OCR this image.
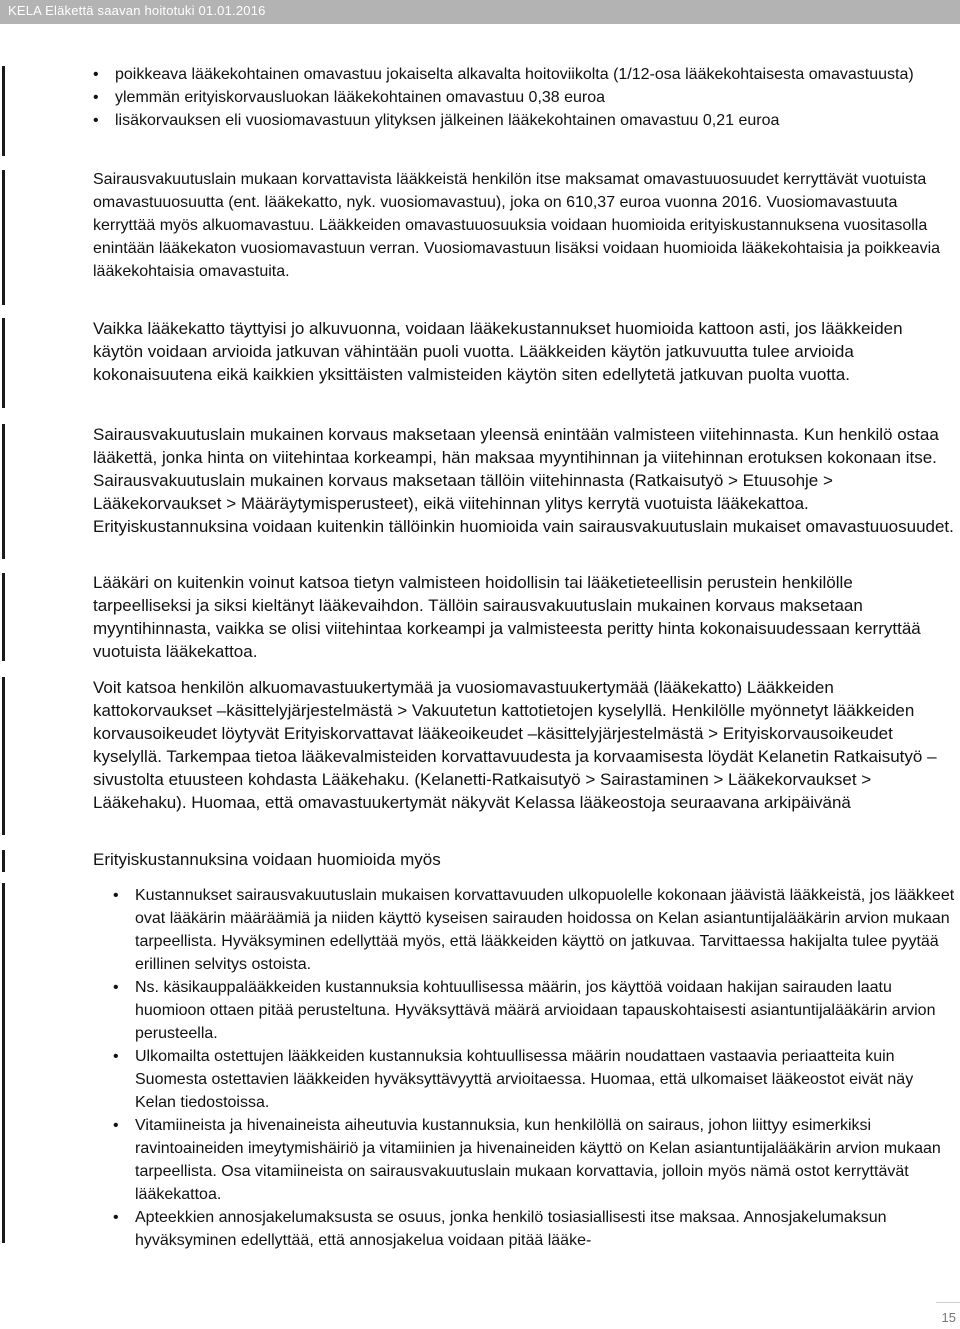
KELA Eläkettä saavan hoitotuki 01.01.2016
• poikkeava lääkekohtainen omavastuu jokaiselta alkavalta hoitoviikolta (1/12-osa lääkekohtaisesta omavastuusta)
• ylemmän erityiskorvausluokan lääkekohtainen omavastuu 0,38 euroa
• lisäkorvauksen eli vuosiomavastuun ylityksen jälkeinen lääkekohtainen omavastuu 0,21 euroa

Sairausvakuutuslain mukaan korvattavista lääkkeistä henkilön itse maksamat omavastuuosuudet kerryttävät vuotuista omavastuuosuutta (ent. lääkekatto, nyk. vuosiomavastuu), joka on 610,37 euroa vuonna 2016. Vuosiomavastuuta kerryttää myös alkuomavastuu. Lääkkeiden omavastuuosuuksia voidaan huomioida erityiskustannuksena vuositasolla enintään lääkekaton vuosiomavastuun verran. Vuosiomavastuun lisäksi voidaan huomioida lääkekohtaisia ja poikkeavia lääkekohtaisia omavastuita.

Vaikka lääkekatto täyttyisi jo alkuvuonna, voidaan lääkekustannukset huomioida kattoon asti, jos lääkkeiden käytön voidaan arvioida jatkuvan vähintään puoli vuotta. Lääkkeiden käytön jatkuvuutta tulee arvioida kokonaisuutena eikä kaikkien yksittäisten valmisteiden käytön siten edellytetä jatkuvan puolta vuotta.

Sairausvakuutuslain mukainen korvaus maksetaan yleensä enintään valmisteen viitehinnasta. Kun henkilö ostaa lääkettä, jonka hinta on viitehintaa korkeampi, hän maksaa myyntihinnan ja viitehinnan erotuksen kokonaan itse. Sairausvakuutuslain mukainen korvaus maksetaan tällöin viitehinnasta (Ratkaisutyö > Etuusohje > Lääkekorvaukset > Määräytymisperusteet), eikä viitehinnan ylitys kerrytä vuotuista lääkekattoa. Erityiskustannuksina voidaan kuitenkin tällöinkin huomioida vain sairausvakuutuslain mukaiset omavastuuosuudet.

Lääkäri on kuitenkin voinut katsoa tietyn valmisteen hoidollisin tai lääketieteellisin perustein henkilölle tarpeelliseksi ja siksi kieltänyt lääkevaihdon. Tällöin sairausvakuutuslain mukainen korvaus maksetaan myyntihinnasta, vaikka se olisi viitehintaa korkeampi ja valmisteesta peritty hinta kokonaisuudessaan kerryttää vuotuista lääkekattoa.

Voit katsoa henkilön alkuomavastuukertymää ja vuosiomavastuukertymää (lääkekatto) Lääkkeiden kattokorvaukset –käsittelyjärjestelmästä > Vakuutetun kattotietojen kyselyllä. Henkilölle myönnetyt lääkkeiden korvausoikeudet löytyvät Erityiskorvattavat lääkeoikeudet –käsittelyjärjestelmästä > Erityiskorvausoikeudet kyselyllä. Tarkempaa tietoa lääkevalmisteiden korvattavuudesta ja korvaamisesta löydät Kelanetin Ratkaisutyö –sivustolta etuusteen kohdasta Lääkehaku. (Kelanetti-Ratkaisutyö > Sairastaminen > Lääkekorvaukset > Lääkehaku). Huomaa, että omavastuukertymät näkyvät Kelassa lääkeostoja seuraavana arkipäivänä

Erityiskustannuksina voidaan huomioida myös

• Kustannukset sairausvakuutuslain mukaisen korvattavuuden ulkopuolelle kokonaan jäävistä lääkkeistä, jos lääkkeet ovat lääkärin määräämiä ja niiden käyttö kyseisen sairauden hoidossa on Kelan asiantuntijalääkärin arvion mukaan tarpeellista. Hyväksyminen edellyttää myös, että lääkkeiden käyttö on jatkuvaa. Tarvittaessa hakijalta tulee pyytää erillinen selvitys ostoista.
• Ns. käsikauppalääkkeiden kustannuksia kohtuullisessa määrin, jos käyttöä voidaan hakijan sairauden laatu huomioon ottaen pitää perusteltuna. Hyväksyttävä määrä arvioidaan tapauskohtaisesti asiantuntijalääkärin arvion perusteella.
• Ulkomailta ostettujen lääkkeiden kustannuksia kohtuullisessa määrin noudattaen vastaavia periaatteita kuin Suomesta ostettavien lääkkeiden hyväksyttävyyttä arvioitaessa. Huomaa, että ulkomaiset lääkeostot eivät näy Kelan tiedostoissa.
• Vitamiineista ja hivenaineista aiheutuvia kustannuksia, kun henkilöllä on sairaus, johon liittyy esimerkiksi ravintoaineiden imeytymishäiriö ja vitamiinien ja hivenaineiden käyttö on Kelan asiantuntijalääkärin arvion mukaan tarpeellista. Osa vitamiineista on sairausvakuutuslain mukaan korvattavia, jolloin myös nämä ostot kerryttävät lääkekattoa.
• Apteekkien annosjakelumaksusta se osuus, jonka henkilö tosiasiallisesti itse maksaa. Annosjakelumaksun hyväksyminen edellyttää, että annosjakelua voidaan pitää lääke-
15
